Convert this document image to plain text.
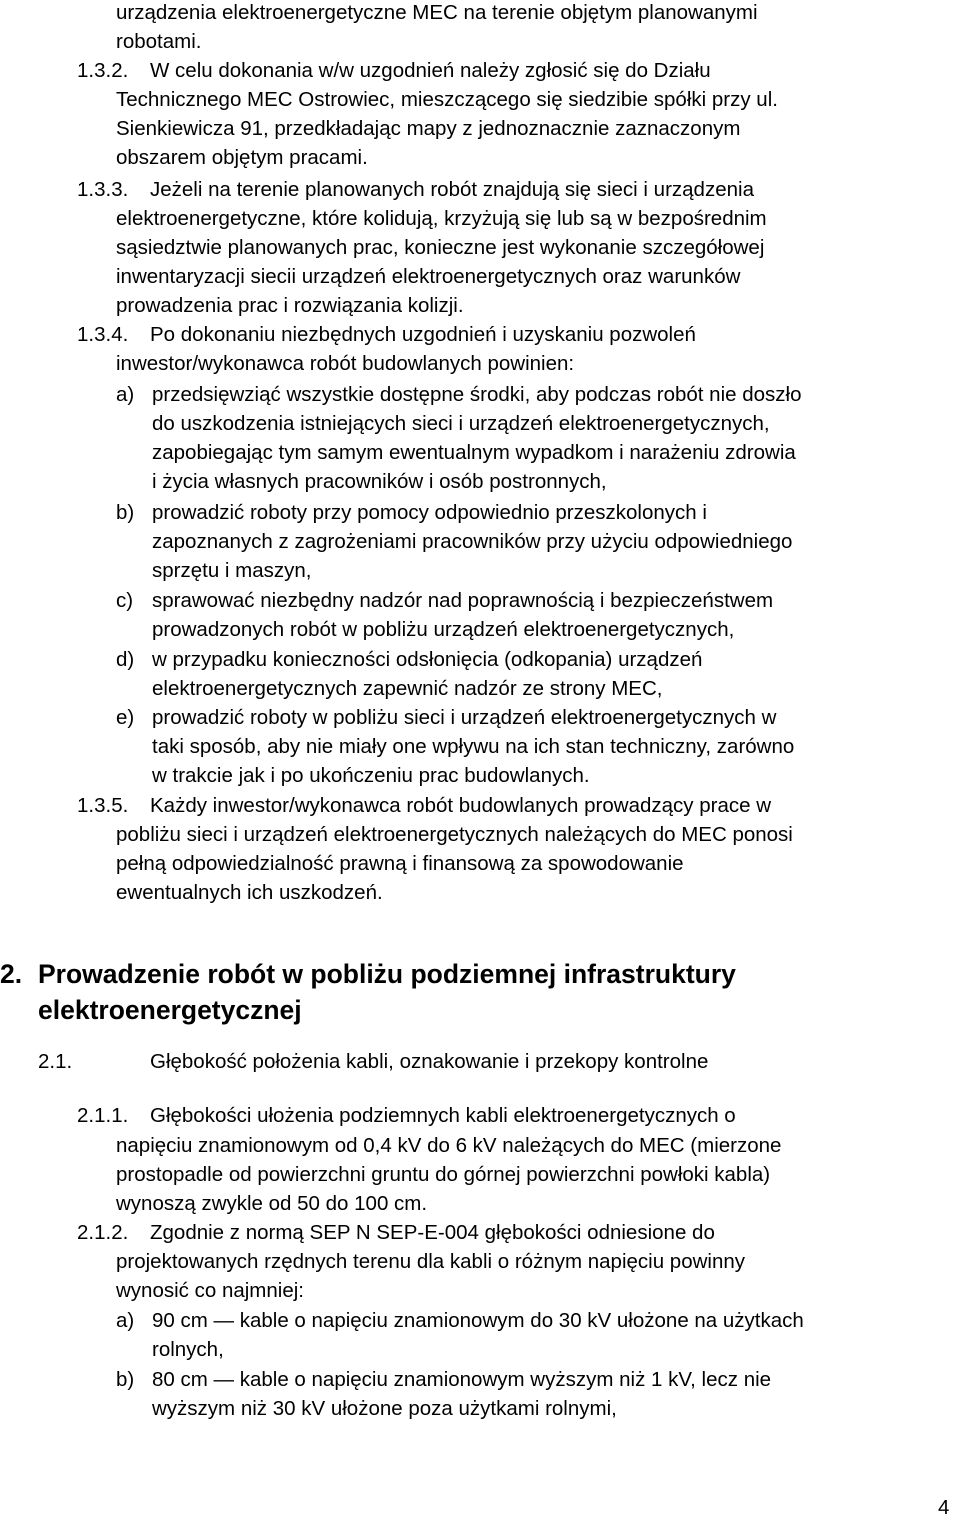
urządzenia elektroenergetyczne MEC na terenie objętym planowanymi
robotami.
1.3.2. W celu dokonania w/w uzgodnień należy zgłosić się do Działu
Technicznego MEC Ostrowiec, mieszczącego się siedzibie spółki przy ul.
Sienkiewicza 91, przedkładając mapy z jednoznacznie zaznaczonym
obszarem objętym pracami.
1.3.3. Jeżeli na terenie planowanych robót znajdują się sieci i urządzenia
elektroenergetyczne, które kolidują, krzyżują się lub są w bezpośrednim
sąsiedztwie planowanych prac, konieczne jest wykonanie szczegółowej
inwentaryzacji siecii urządzeń elektroenergetycznych oraz warunków
prowadzenia prac i rozwiązania kolizji.
1.3.4. Po dokonaniu niezbędnych uzgodnień i uzyskaniu pozwoleń
inwestor/wykonawca robót budowlanych powinien:
a) przedsięwziąć wszystkie dostępne środki, aby podczas robót nie doszło
do uszkodzenia istniejących sieci i urządzeń elektroenergetycznych,
zapobiegając tym samym ewentualnym wypadkom i narażeniu zdrowia
i życia własnych pracowników i osób postronnych,
b) prowadzić roboty przy pomocy odpowiednio przeszkolonych i
zapoznanych z zagrożeniami pracowników przy użyciu odpowiedniego
sprzętu i maszyn,
c) sprawować niezbędny nadzór nad poprawnością i bezpieczeństwem
prowadzonych robót w pobliżu urządzeń elektroenergetycznych,
d) w przypadku konieczności odsłonięcia (odkopania) urządzeń
elektroenergetycznych zapewnić nadzór ze strony MEC,
e) prowadzić roboty w pobliżu sieci i urządzeń elektroenergetycznych w
taki sposób, aby nie miały one wpływu na ich stan techniczny, zarówno
w trakcie jak i po ukończeniu prac budowlanych.
1.3.5. Każdy inwestor/wykonawca robót budowlanych prowadzący prace w
pobliżu sieci i urządzeń elektroenergetycznych należących do MEC ponosi
pełną odpowiedzialność prawną i finansową za spowodowanie
ewentualnych ich uszkodzeń.
2. Prowadzenie robót w pobliżu podziemnej infrastruktury
elektroenergetycznej
2.1.	Głębokość położenia kabli, oznakowanie i przekopy kontrolne
2.1.1. Głębokości ułożenia podziemnych kabli elektroenergetycznych o
napięciu znamionowym od 0,4 kV do 6 kV należących do MEC (mierzone
prostopadle od powierzchni gruntu do górnej powierzchni powłoki kabla)
wynoszą zwykle od 50 do 100 cm.
2.1.2. Zgodnie z normą SEP N SEP-E-004 głębokości odniesione do
projektowanych rzędnych terenu dla kabli o różnym napięciu powinny
wynosić co najmniej:
a) 90 cm — kable o napięciu znamionowym do 30 kV ułożone na użytkach
rolnych,
b) 80 cm — kable o napięciu znamionowym wyższym niż 1 kV, lecz nie
wyższym niż 30 kV ułożone poza użytkami rolnymi,
4
